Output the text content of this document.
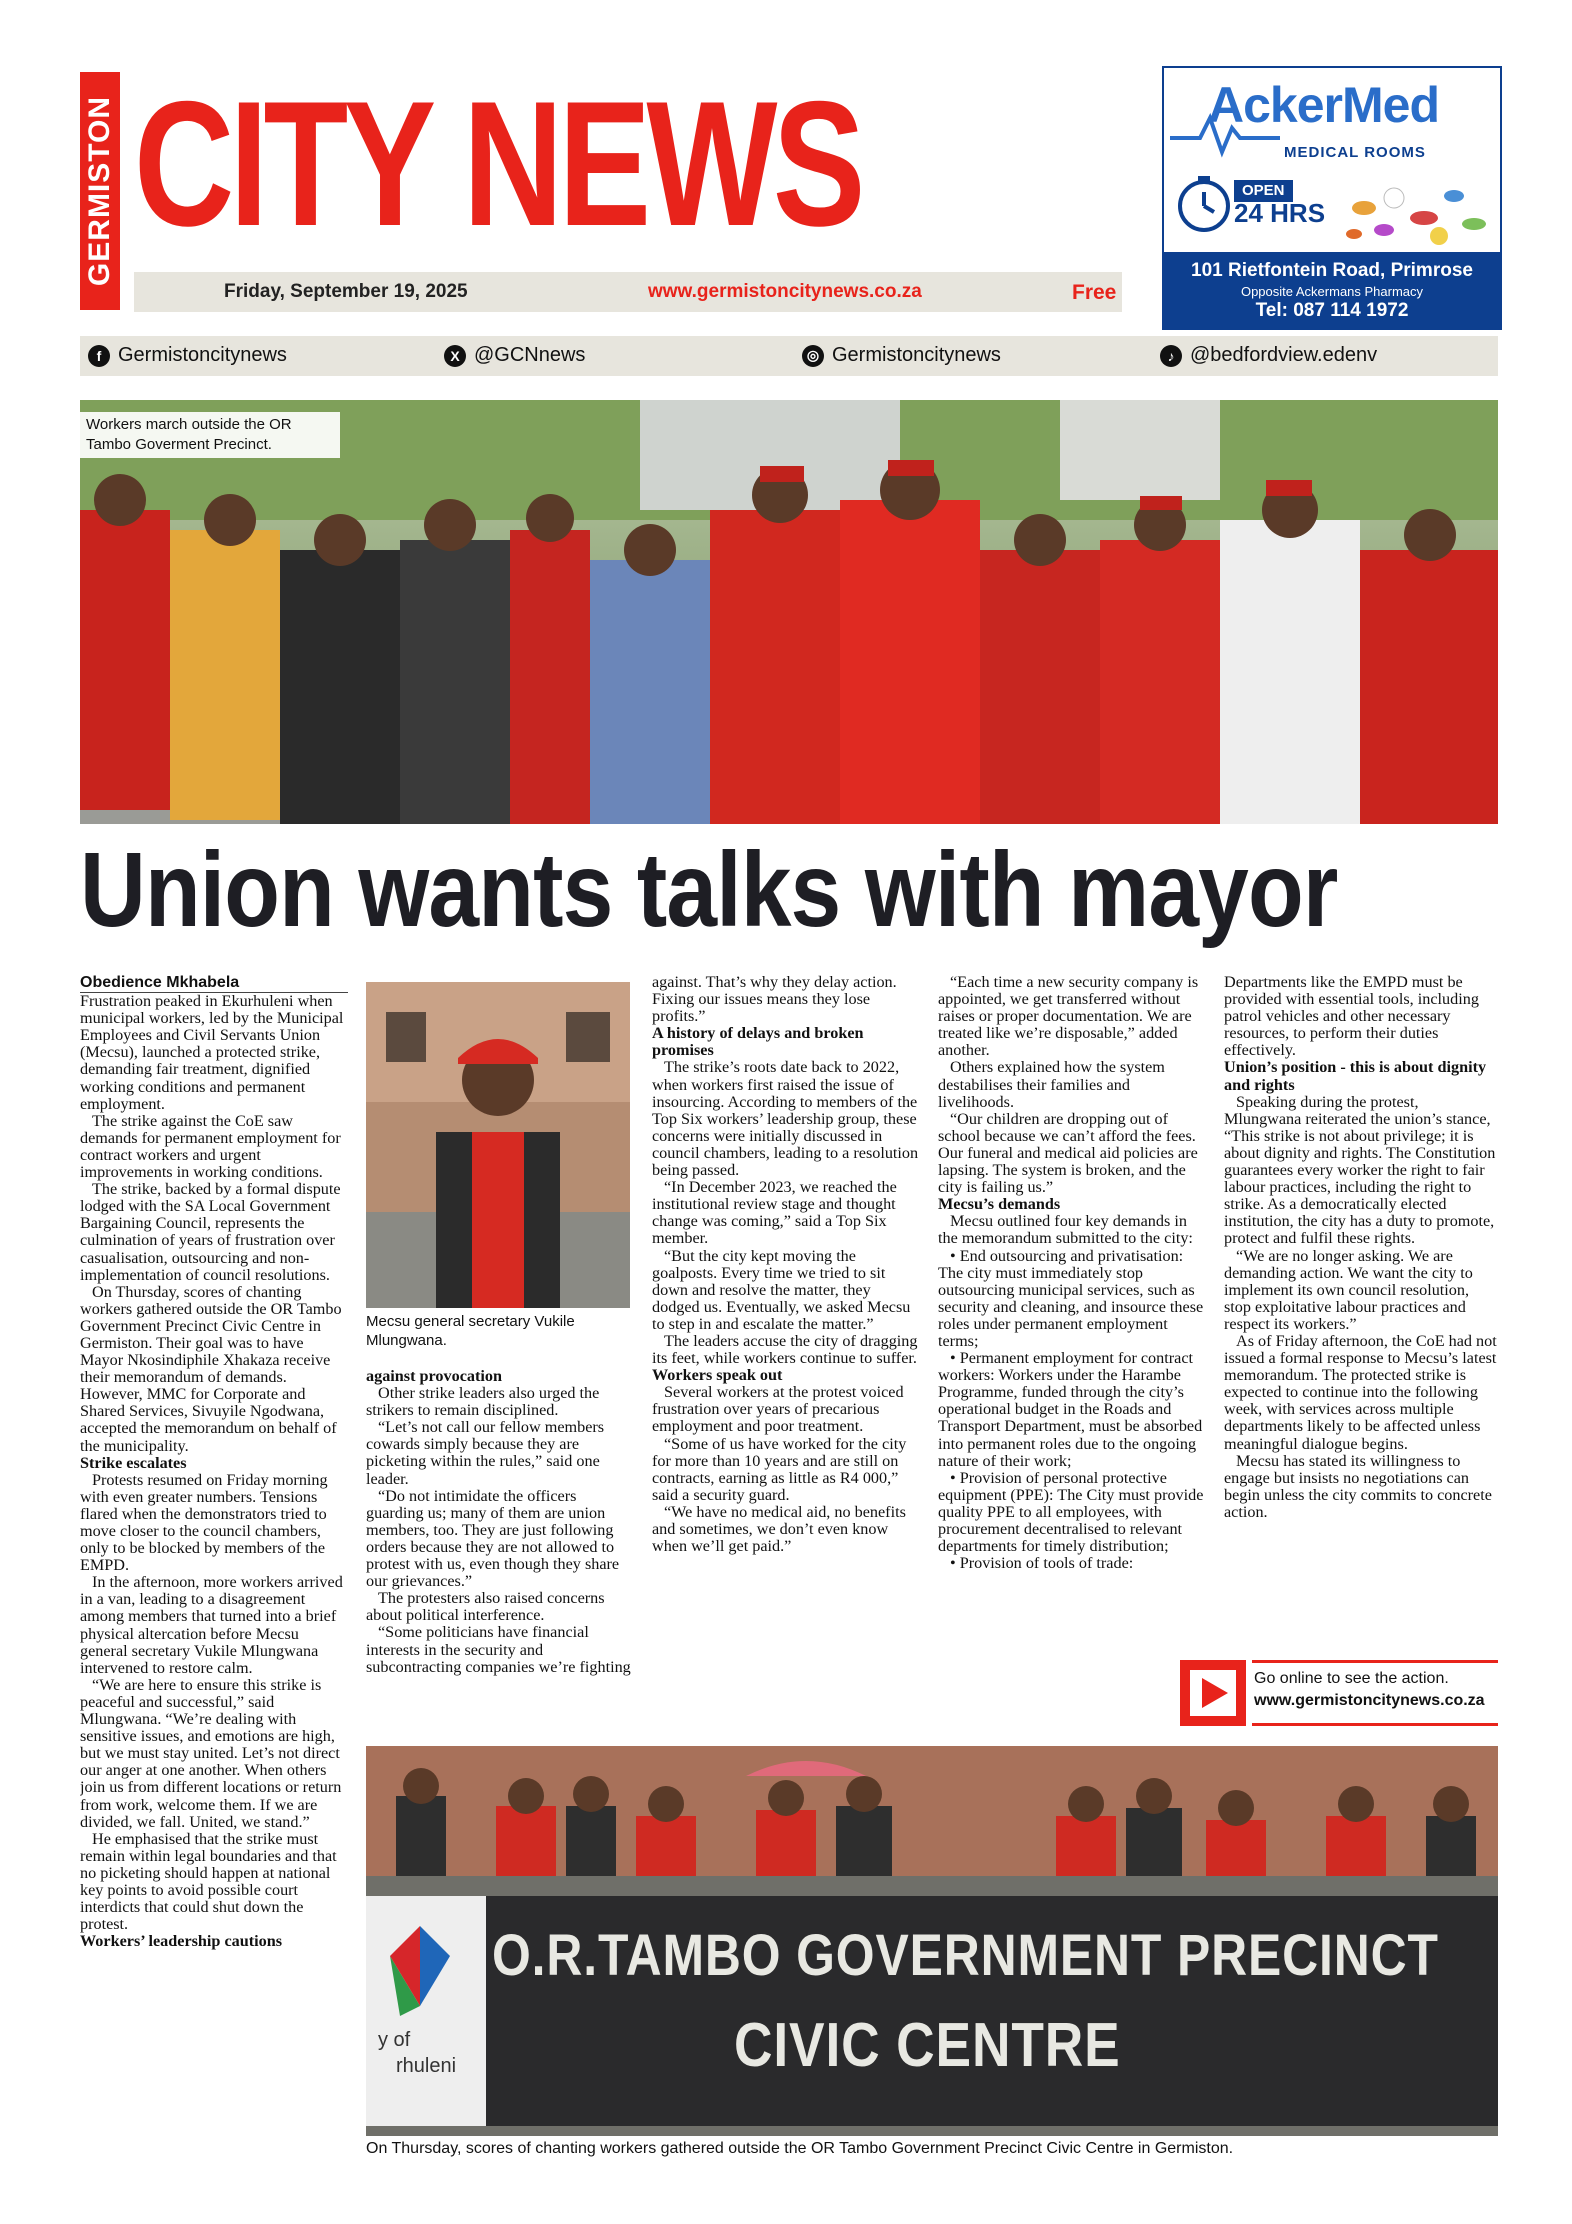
GERMISTON CITY NEWS
Friday, September 19, 2025	www.germistoncitynews.co.za	Free
AckerMed
MEDICAL ROOMS
OPEN
24 HRS
101 Rietfontein Road, Primrose
Opposite Ackermans Pharmacy
Tel: 087 114 1972
f Germistoncitynews	X @GCNnews	◎ Germistoncitynews	♪ @bedfordview.edenv
Workers march outside the OR Tambo Goverment Precinct.
Union wants talks with mayor

Obedience Mkhabela

Frustration peaked in Ekurhuleni when municipal workers, led by the Municipal Employees and Civil Servants Union (Mecsu), launched a protected strike, demanding fair treatment, dignified working conditions and permanent employment.

The strike against the CoE saw demands for permanent employment for contract workers and urgent improvements in working conditions.

The strike, backed by a formal dispute lodged with the SA Local Government Bargaining Council, represents the culmination of years of frustration over casualisation, outsourcing and non-implementation of council resolutions.

On Thursday, scores of chanting workers gathered outside the OR Tambo Government Precinct Civic Centre in Germiston. Their goal was to have Mayor Nkosindiphile Xhakaza receive their memorandum of demands. However, MMC for Corporate and Shared Services, Sivuyile Ngodwana, accepted the memorandum on behalf of the municipality.

Strike escalates

Protests resumed on Friday morning with even greater numbers. Tensions flared when the demonstrators tried to move closer to the council chambers, only to be blocked by members of the EMPD.

In the afternoon, more workers arrived in a van, leading to a disagreement among members that turned into a brief physical altercation before Mecsu general secretary Vukile Mlungwana intervened to restore calm.

“We are here to ensure this strike is peaceful and successful,” said Mlungwana. “We’re dealing with sensitive issues, and emotions are high, but we must stay united. Let’s not direct our anger at one another. When others join us from different locations or return from work, welcome them. If we are divided, we fall. United, we stand.”

He emphasised that the strike must remain within legal boundaries and that no picketing should happen at national key points to avoid possible court interdicts that could shut down the protest.

Workers’ leadership cautions

Mecsu general secretary Vukile Mlungwana.

against provocation

Other strike leaders also urged the strikers to remain disciplined.

“Let’s not call our fellow members cowards simply because they are picketing within the rules,” said one leader.

“Do not intimidate the officers guarding us; many of them are union members, too. They are just following orders because they are not allowed to protest with us, even though they share our grievances.”

The protesters also raised concerns about political interference.

“Some politicians have financial interests in the security and subcontracting companies we’re fighting

against. That’s why they delay action. Fixing our issues means they lose profits.”

A history of delays and broken promises

The strike’s roots date back to 2022, when workers first raised the issue of insourcing. According to members of the Top Six workers’ leadership group, these concerns were initially discussed in council chambers, leading to a resolution being passed.

“In December 2023, we reached the institutional review stage and thought change was coming,” said a Top Six member.

“But the city kept moving the goalposts. Every time we tried to sit down and resolve the matter, they dodged us. Eventually, we asked Mecsu to step in and escalate the matter.”

The leaders accuse the city of dragging its feet, while workers continue to suffer.

Workers speak out

Several workers at the protest voiced frustration over years of precarious employment and poor treatment.

“Some of us have worked for the city for more than 10 years and are still on contracts, earning as little as R4 000,” said a security guard.

“We have no medical aid, no benefits and sometimes, we don’t even know when we’ll get paid.”

“Each time a new security company is appointed, we get transferred without raises or proper documentation. We are treated like we’re disposable,” added another.

Others explained how the system destabilises their families and livelihoods.

“Our children are dropping out of school because we can’t afford the fees. Our funeral and medical aid policies are lapsing. The system is broken, and the city is failing us.”

Mecsu’s demands

Mecsu outlined four key demands in the memorandum submitted to the city:

• End outsourcing and privatisation: The city must immediately stop outsourcing municipal services, such as security and cleaning, and insource these roles under permanent employment terms;

• Permanent employment for contract workers: Workers under the Harambe Programme, funded through the city’s operational budget in the Roads and Transport Department, must be absorbed into permanent roles due to the ongoing nature of their work;

• Provision of personal protective equipment (PPE): The City must provide quality PPE to all employees, with procurement decentralised to relevant departments for timely distribution;

• Provision of tools of trade:

Departments like the EMPD must be provided with essential tools, including patrol vehicles and other necessary resources, to perform their duties effectively.

Union’s position - this is about dignity and rights

Speaking during the protest, Mlungwana reiterated the union’s stance, “This strike is not about privilege; it is about dignity and rights. The Constitution guarantees every worker the right to fair labour practices, including the right to strike. As a democratically elected institution, the city has a duty to promote, protect and fulfil these rights.

“We are no longer asking. We are demanding action. We want the city to implement its own council resolution, stop exploitative labour practices and respect its workers.”

As of Friday afternoon, the CoE had not issued a formal response to Mecsu’s latest memorandum. The protected strike is expected to continue into the following week, with services across multiple departments likely to be affected unless meaningful dialogue begins.

Mecsu has stated its willingness to engage but insists no negotiations can begin unless the city commits to concrete action.

Go online to see the action.
www.germistoncitynews.co.za
y of
rhuleni
O.R.TAMBO GOVERNMENT PRECINCT
CIVIC CENTRE
On Thursday, scores of chanting workers gathered outside the OR Tambo Government Precinct Civic Centre in Germiston.
